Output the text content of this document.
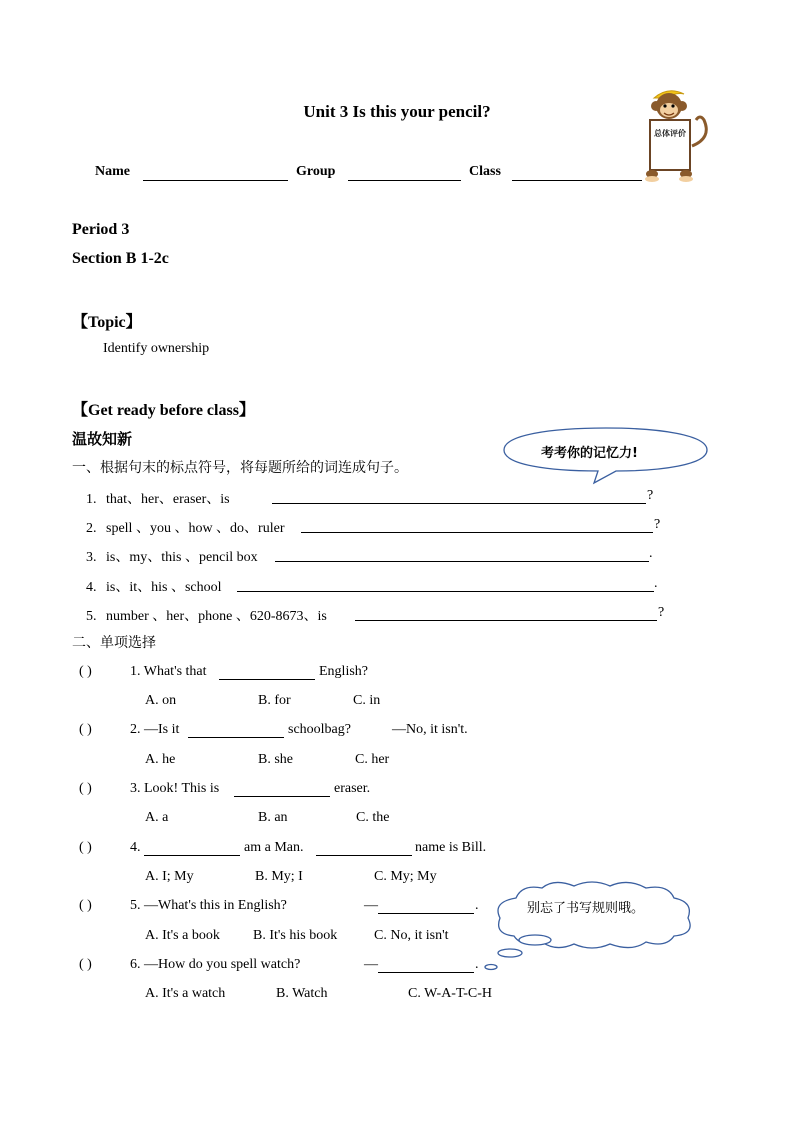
Unit 3 Is this your pencil?
Name	Group	Class
总体评价
Period 3
Section B 1-2c
【Topic】
Identify ownership
【Get ready before class】
温故知新
考考你的记忆力!
一、根据句末的标点符号，将每题所给的词连成句子。
1. that、her、eraser、is	?
2. spell 、you 、how 、do、ruler	?
3. is、my、this 、pencil box	.
4. is、it、his 、school	.
5. number 、her、phone 、620-8673、is	?
二、单项选择
( )	1. What's that	English?
A. on	B. for	C. in
( )	2. —Is it	schoolbag?	—No, it isn't.
A. he	B. she	C. her
( )	3. Look! This is	eraser.
A. a	B. an	C. the
( )	4.	am a Man.	name is Bill.
A. I; My	B. My; I	C. My; My
( )	5. —What's this in English?	—	.
A. It's a book B. It's his book	C. No, it isn't
( )	6. —How do you spell watch?	—	.
A. It's a watch	B. Watch	C. W-A-T-C-H
别忘了书写规则哦。
